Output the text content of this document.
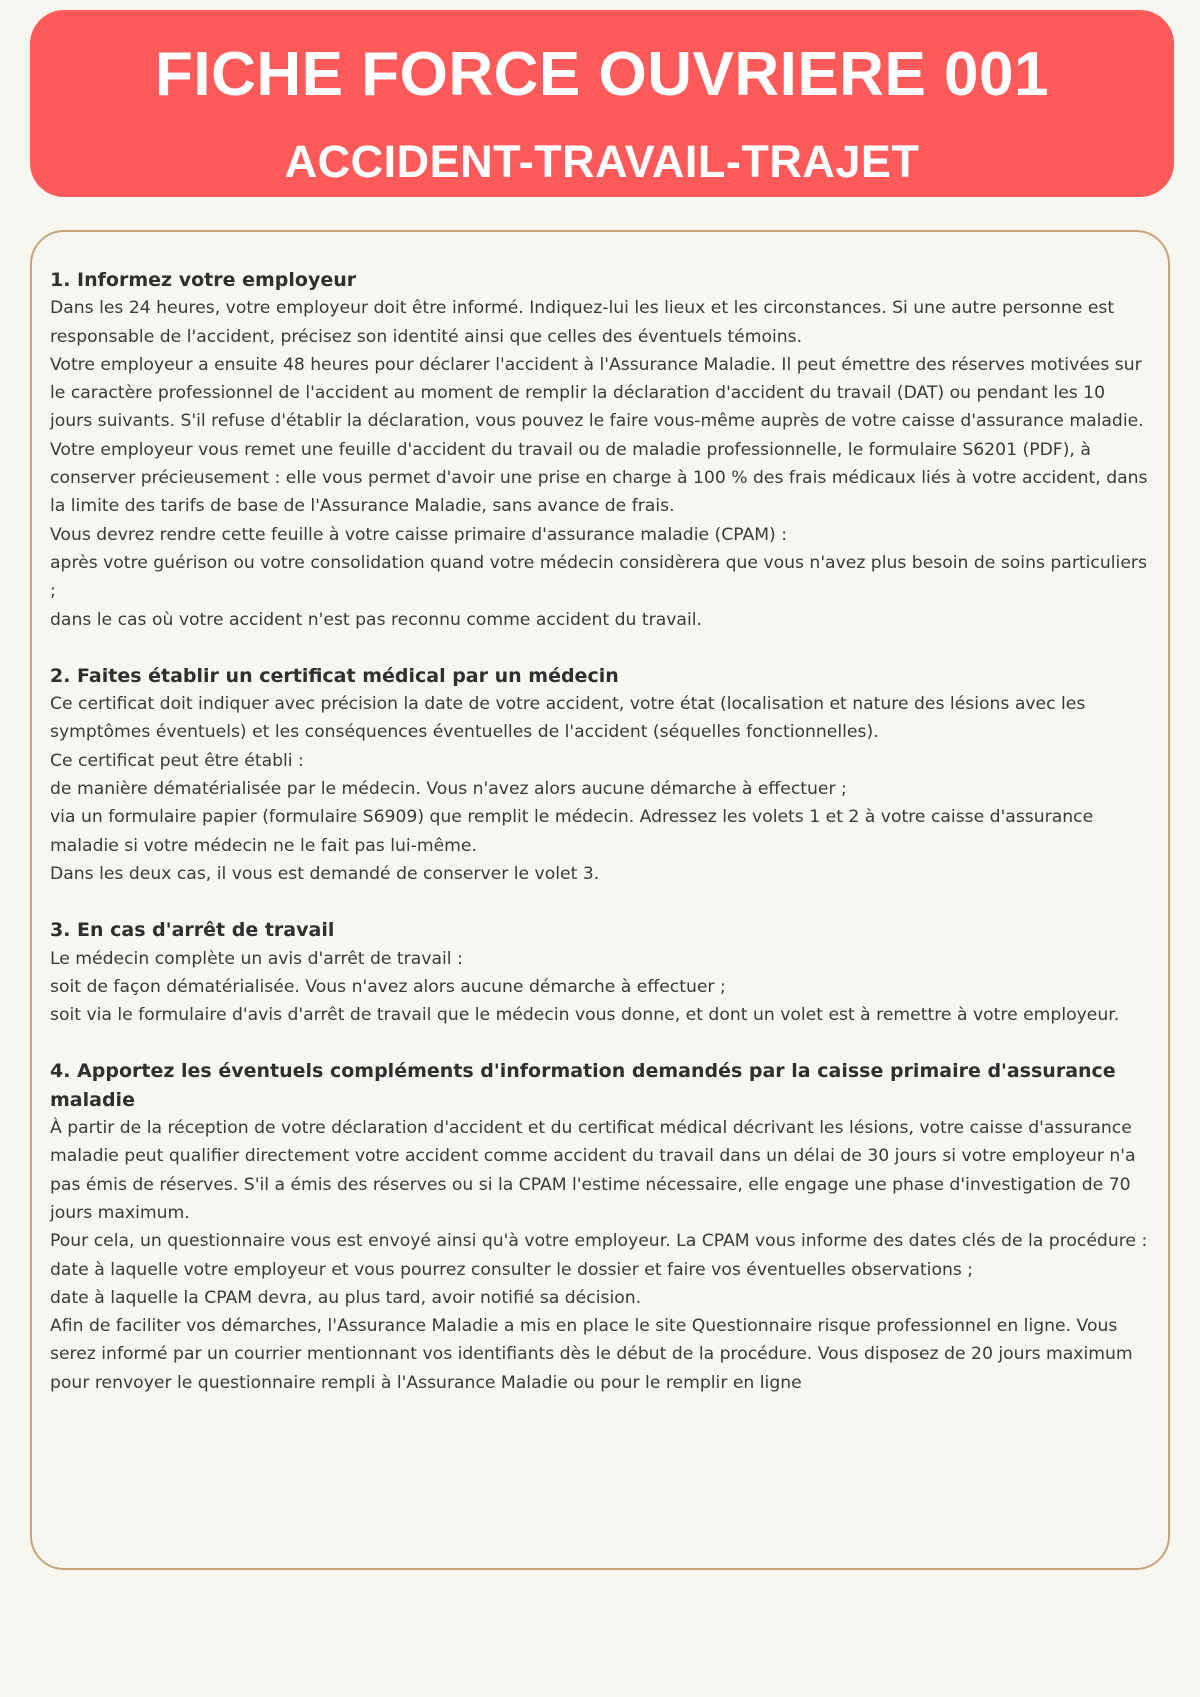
FICHE FORCE OUVRIERE 001
ACCIDENT-TRAVAIL-TRAJET

1. Informez votre employeur

Dans les 24 heures, votre employeur doit être informé. Indiquez-lui les lieux et les circonstances. Si une autre personne est responsable de l'accident, précisez son identité ainsi que celles des éventuels témoins.

Votre employeur a ensuite 48 heures pour déclarer l'accident à l'Assurance Maladie. Il peut émettre des réserves motivées sur le caractère professionnel de l'accident au moment de remplir la déclaration d'accident du travail (DAT) ou pendant les 10 jours suivants. S'il refuse d'établir la déclaration, vous pouvez le faire vous-même auprès de votre caisse d'assurance maladie.

Votre employeur vous remet une feuille d'accident du travail ou de maladie professionnelle, le formulaire S6201 (PDF), à conserver précieusement : elle vous permet d'avoir une prise en charge à 100 % des frais médicaux liés à votre accident, dans la limite des tarifs de base de l'Assurance Maladie, sans avance de frais.

Vous devrez rendre cette feuille à votre caisse primaire d'assurance maladie (CPAM) :

après votre guérison ou votre consolidation quand votre médecin considèrera que vous n'avez plus besoin de soins particuliers ;

dans le cas où votre accident n'est pas reconnu comme accident du travail.

2. Faites établir un certificat médical par un médecin

Ce certificat doit indiquer avec précision la date de votre accident, votre état (localisation et nature des lésions avec les symptômes éventuels) et les conséquences éventuelles de l'accident (séquelles fonctionnelles).

Ce certificat peut être établi :

de manière dématérialisée par le médecin. Vous n'avez alors aucune démarche à effectuer ;

via un formulaire papier (formulaire S6909) que remplit le médecin. Adressez les volets 1 et 2 à votre caisse d'assurance maladie si votre médecin ne le fait pas lui-même.

Dans les deux cas, il vous est demandé de conserver le volet 3.

3. En cas d'arrêt de travail

Le médecin complète un avis d'arrêt de travail :

soit de façon dématérialisée. Vous n'avez alors aucune démarche à effectuer ;

soit via le formulaire d'avis d'arrêt de travail que le médecin vous donne, et dont un volet est à remettre à votre employeur.

4. Apportez les éventuels compléments d'information demandés par la caisse primaire d'assurance maladie

À partir de la réception de votre déclaration d'accident et du certificat médical décrivant les lésions, votre caisse d'assurance maladie peut qualifier directement votre accident comme accident du travail dans un délai de 30 jours si votre employeur n'a pas émis de réserves. S'il a émis des réserves ou si la CPAM l'estime nécessaire, elle engage une phase d'investigation de 70 jours maximum.

Pour cela, un questionnaire vous est envoyé ainsi qu'à votre employeur. La CPAM vous informe des dates clés de la procédure :

date à laquelle votre employeur et vous pourrez consulter le dossier et faire vos éventuelles observations ;

date à laquelle la CPAM devra, au plus tard, avoir notifié sa décision.

Afin de faciliter vos démarches, l'Assurance Maladie a mis en place le site Questionnaire risque professionnel en ligne. Vous serez informé par un courrier mentionnant vos identifiants dès le début de la procédure. Vous disposez de 20 jours maximum pour renvoyer le questionnaire rempli à l'Assurance Maladie ou pour le remplir en ligne
